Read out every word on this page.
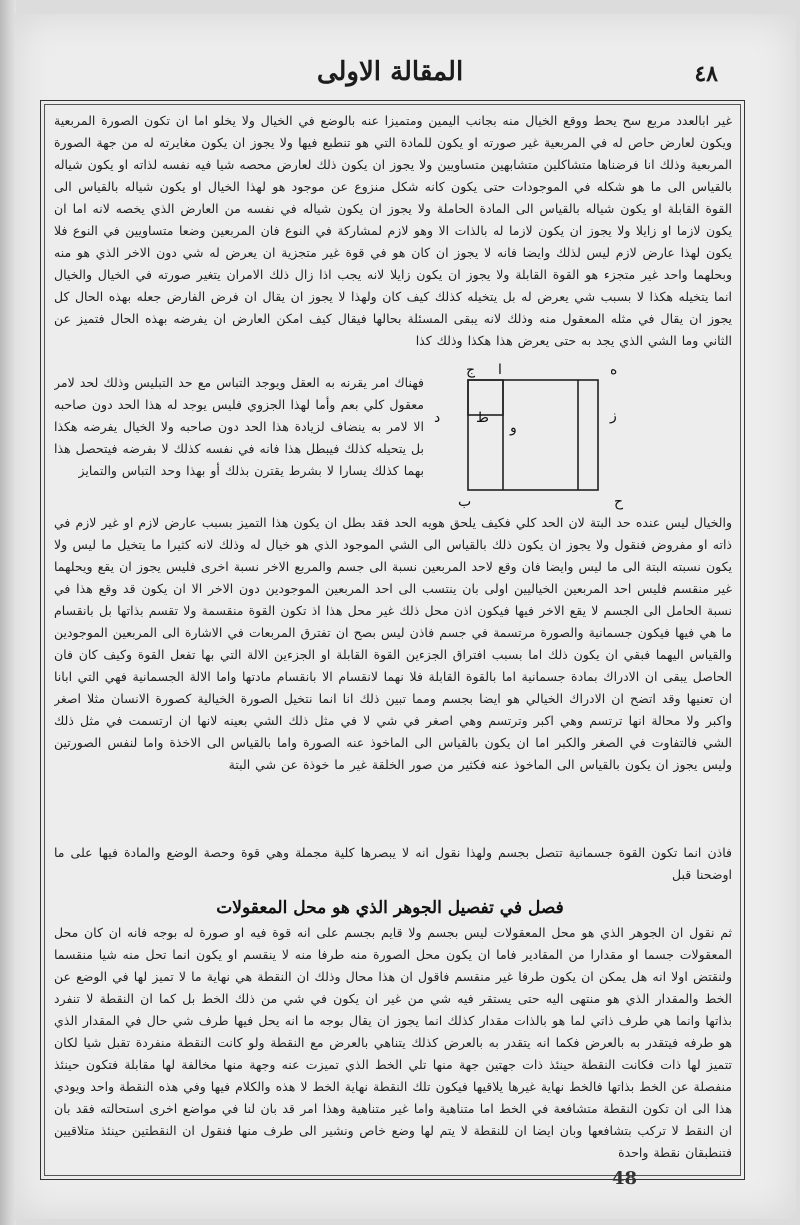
المقالة الاولى	٤٨
غير ابالعدد مربع سح يحط ووقع الخيال منه بجانب اليمين ومتميزا عنه بالوضع في الخيال ولا يخلو اما ان تكون الصورة المربعية ويكون لعارض حاص له في المربعية غير صورته او يكون للمادة التي هو تنطبع فيها ولا يجوز ان يكون مغايرته له من جهة الصورة المربعية وذلك انا فرضناها متشاكلين متشابهين متساويين ولا يجوز ان يكون ذلك لعارض محصه شيا فيه نفسه لذاته او يكون شياله بالقياس الى ما هو شكله في الموجودات حتى يكون كانه شكل منزوع عن موجود هو لهذا الخيال او يكون شياله بالقياس الى القوة القابلة او يكون شياله بالقياس الى المادة الحاملة ولا يجوز ان يكون شياله في نفسه من العارض الذي يخصه لانه اما ان يكون لازما او زايلا ولا يجوز ان يكون لازما له بالذات الا وهو لازم لمشاركة في النوع فان المربعين وضعا متساويين في النوع فلا يكون لهذا عارض لازم ليس لذلك وايضا فانه لا يجوز ان كان هو في قوة غير متجزية ان يعرض له شي دون الاخر الذي هو منه وبحلهما واحد غير متجزء هو القوة القابلة ولا يجوز ان يكون زايلا لانه يجب اذا زال ذلك الامران يتغير صورته في الخيال والخيال انما يتخيله هكذا لا بسبب شي يعرض له بل يتخيله كذلك كيف كان ولهذا لا يجوز ان يقال ان فرض الفارض جعله بهذه الحال كل يجوز ان يقال في مثله المعقول منه وذلك لانه يبقى المسئلة بحالها فيقال كيف امكن العارض ان يفرضه بهذه الحال فتميز عن الثاني وما الشي الذي يجد به حتى يعرض هذا هكذا وذلك كذا
فهناك امر يقرنه به العقل ويوجد التباس مع حد التبليس وذلك لحد لامر معقول كلي بعم وأما لهذا الجزوي فليس يوجد له هذا الحد دون صاحبه الا لامر به ينضاف لزيادة هذا الحد دون صاحبه ولا الخيال يفرضه هكذا بل يتحيله كذلك فيبطل هذا فانه في نفسه كذلك لا بفرضه فيتحصل هذا بهما كذلك يسارا لا بشرط يقترن بذلك أو بهذا وحد التباس والتمايز
ج ا	ه
ز
و
ط
د
ب	ح
والخيال ليس عنده حد البتة لان الحد كلي فكيف يلحق هويه الحد فقد بطل ان يكون هذا التميز بسبب عارض لازم او غير لازم في ذاته او مفروض فنقول ولا يجوز ان يكون ذلك بالقياس الى الشي الموجود الذي هو خيال له وذلك لانه كثيرا ما يتخيل ما ليس ولا يكون نسبته البتة الى ما ليس وايضا فان وقع لاحد المربعين نسبة الى جسم والمربع الاخر نسبة اخرى فليس يجوز ان يقع ويحلهما غير منقسم فليس احد المربعين الخياليين اولى بان ينتسب الى احد المربعين الموجودين دون الاخر الا ان يكون قد وقع هذا في نسبة الحامل الى الجسم لا يقع الاخر فيها فيكون اذن محل ذلك غير محل هذا اذ تكون القوة منقسمة ولا تقسم بذاتها بل بانقسام ما هي فيها فيكون جسمانية والصورة مرتسمة في جسم فاذن ليس بصح ان تفترق المربعات في الاشارة الى المربعين الموجودين والقياس اليهما فبقي ان يكون ذلك اما بسبب افتراق الجزءين القوة القابلة او الجزءين الالة التي بها تفعل القوة وكيف كان فان الحاصل يبقى ان الادراك بمادة جسمانية اما بالقوة القابلة فلا نهما لانقسام الا بانقسام مادتها واما الالة الجسمانية فهي التي ابانا ان تعنيها وقد اتضح ان الادراك الخيالي هو ايضا بجسم ومما تبين ذلك انا انما نتخيل الصورة الخيالية كصورة الانسان مثلا اصغر واكبر ولا محالة انها ترتسم وهي اكبر وترتسم وهي اصغر في شي لا في مثل ذلك الشي بعينه لانها ان ارتسمت في مثل ذلك الشي فالتفاوت في الصغر والكبر اما ان يكون بالقياس الى الماخوذ عنه الصورة واما بالقياس الى الاخذة واما لنفس الصورتين وليس يجوز ان يكون بالقياس الى الماخوذ عنه فكثير من صور الخلقة غير ما خوذة عن شي البتة
فاذن انما تكون القوة جسمانية تتصل بجسم ولهذا نقول انه لا يبصرها كلية مجملة وهي قوة وحصة الوضع والمادة فيها على ما اوضحنا قبل
فصل في تفصيل الجوهر الذي هو محل المعقولات
ثم نقول ان الجوهر الذي هو محل المعقولات ليس بجسم ولا قايم بجسم على انه قوة فيه او صورة له بوجه فانه ان كان محل المعقولات جسما او مقدارا من المقادير فاما ان يكون محل الصورة منه طرفا منه لا ينقسم او يكون انما تحل منه شيا منقسما ولنقتض اولا انه هل يمكن ان يكون طرفا غير منقسم فاقول ان هذا محال وذلك ان النقطة هي نهاية ما لا تميز لها في الوضع عن الخط والمقدار الذي هو منتهى اليه حتى يستقر فيه شي من غير ان يكون في شي من ذلك الخط بل كما ان النقطة لا تنفرد بذاتها وانما هي طرف ذاتي لما هو بالذات مقدار كذلك انما يجوز ان يقال بوجه ما انه يحل فيها طرف شي حال في المقدار الذي هو طرفه فيتقدر به بالعرض فكما انه يتقدر به بالعرض كذلك يتناهي بالعرض مع النقطة ولو كانت النقطة منفردة تقبل شيا لكان تتميز لها ذات فكانت النقطة حينئذ ذات جهتين جهة منها تلي الخط الذي تميزت عنه وجهة منها مخالفة لها مقابلة فتكون حينئذ منفصلة عن الخط بذاتها فالخط نهاية غيرها يلاقيها فيكون تلك النقطة نهاية الخط لا هذه والكلام فيها وفي هذه النقطة واحد ويودي هذا الى ان تكون النقطة متشافعة في الخط اما متناهية واما غير متناهية وهذا امر قد بان لنا في مواضع اخرى استحالته فقد بان ان النقط لا تركب بتشافعها وبان ايضا ان للنقطة لا يتم لها وضع خاص ونشير الى طرف منها فنقول ان النقطتين حينئذ متلاقيين فتنطبقان نقطة واحدة
48
